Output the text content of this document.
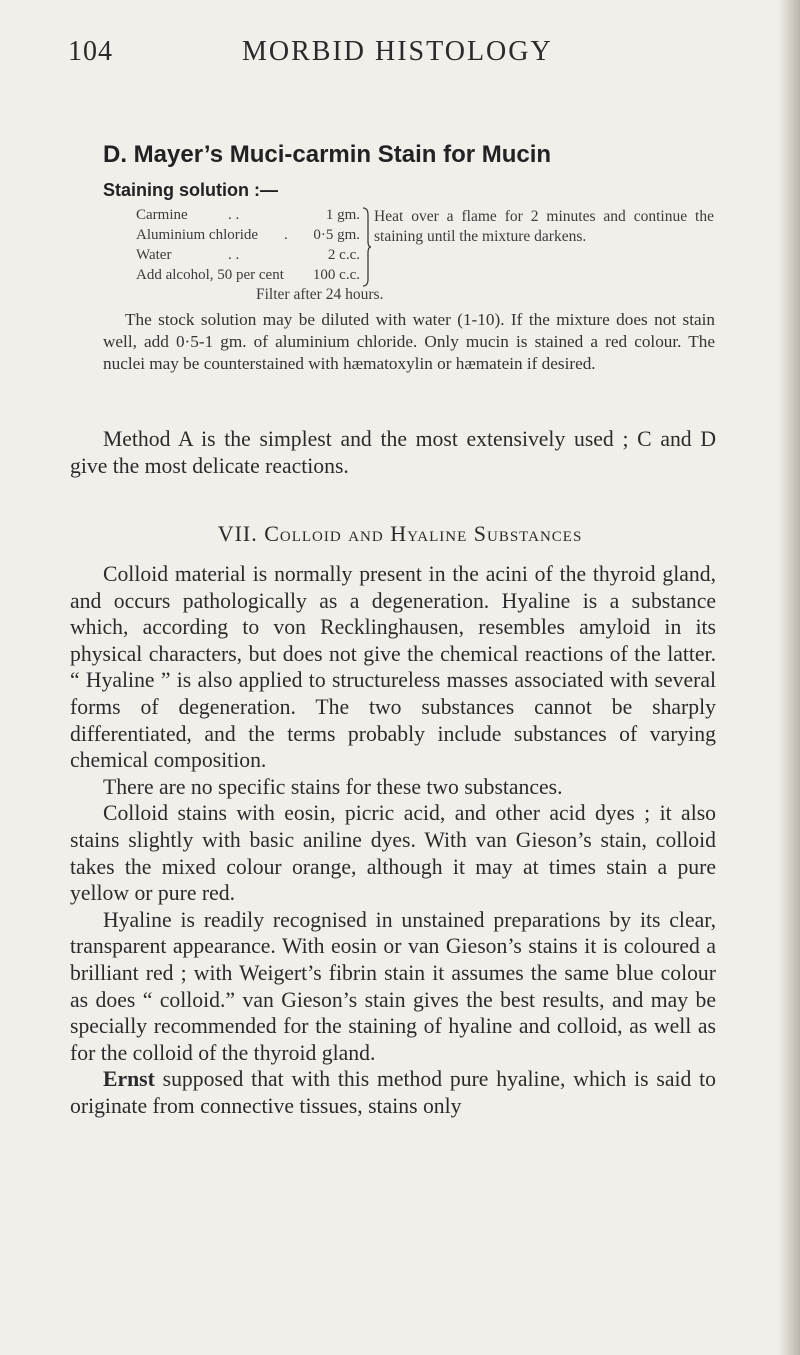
104	MORBID HISTOLOGY
D. Mayer’s Muci-carmin Stain for Mucin
Staining solution :—
Carmine	. .	1 gm.
Aluminium chloride .	0·5 gm.
Water	. .	2 c.c.
Add alcohol, 50 per cent	100 c.c.
Heat over a flame for 2 minutes and continue the staining until the mixture darkens.
Filter after 24 hours.

The stock solution may be diluted with water (1-10). If the mixture does not stain well, add 0·5-1 gm. of aluminium chloride. Only mucin is stained a red colour. The nuclei may be counterstained with hæmatoxylin or hæmatein if desired.

Method A is the simplest and the most extensively used ; C and D give the most delicate reactions.

VII. Colloid and Hyaline Substances

Colloid material is normally present in the acini of the thyroid gland, and occurs pathologically as a degeneration. Hyaline is a substance which, according to von Recklinghausen, resembles amyloid in its physical characters, but does not give the chemical reactions of the latter. “ Hyaline ” is also applied to structureless masses associated with several forms of degeneration. The two substances cannot be sharply differentiated, and the terms probably include substances of varying chemical composition.

There are no specific stains for these two substances.

Colloid stains with eosin, picric acid, and other acid dyes ; it also stains slightly with basic aniline dyes. With van Gieson’s stain, colloid takes the mixed colour orange, although it may at times stain a pure yellow or pure red.

Hyaline is readily recognised in unstained preparations by its clear, transparent appearance. With eosin or van Gieson’s stains it is coloured a brilliant red ; with Weigert’s fibrin stain it assumes the same blue colour as does “ colloid.” van Gieson’s stain gives the best results, and may be specially recommended for the staining of hyaline and colloid, as well as for the colloid of the thyroid gland.

Ernst supposed that with this method pure hyaline, which is said to originate from connective tissues, stains only
